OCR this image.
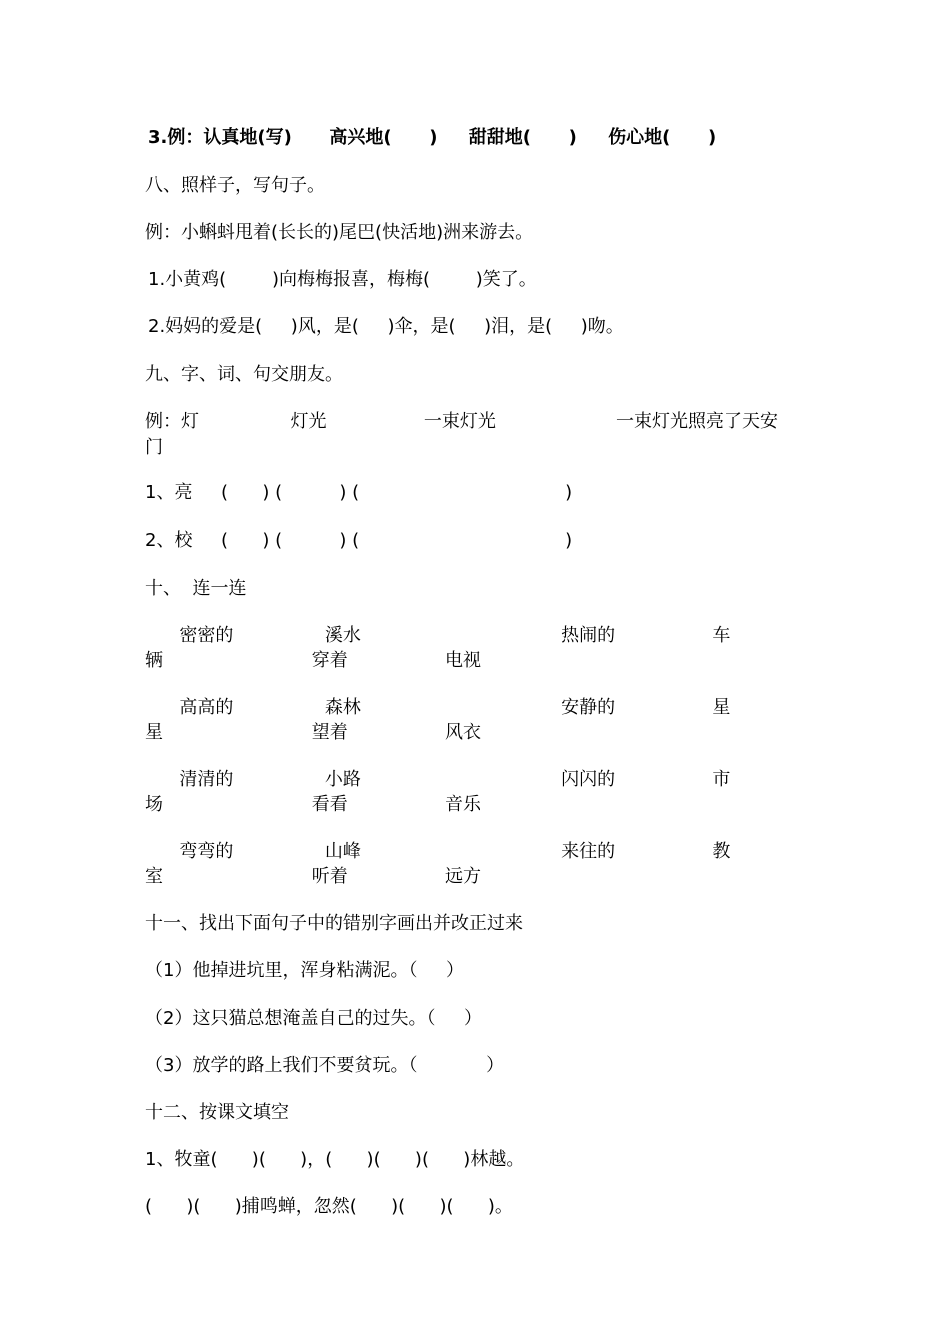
3.例：认真地(写)      高兴地(      )     甜甜地(      )     伤心地(      )

八、照样子，写句子。

例：小蝌蚪甩着(长长的)尾巴(快活地)洲来游去。

1.小黄鸡(        )向梅梅报喜，梅梅(        )笑了。

2.妈妈的爱是(     )风，是(     )伞，是(     )泪，是(     )吻。

九、字、词、句交朋友。

例：灯                灯光                 一束灯光                     一束灯光照亮了天安

门

1、亮     (      ) (          ) (                                    )

2、校     (      ) (          ) (                                    )

十、  连一连

密密的                溪水                                   热闹的                 车

辆                          穿着                 电视

高高的                森林                                   安静的                 星

星                          望着                 风衣

清清的                小路                                   闪闪的                 市

场                          看看                 音乐

弯弯的                山峰                                   来往的                 教

室                          听着                 远方

十一、找出下面句子中的错别字画出并改正过来

（1）他掉进坑里，浑身粘满泥。（     ）

（2）这只猫总想淹盖自己的过失。（     ）

（3）放学的路上我们不要贫玩。（            ）

十二、按课文填空

1、牧童(      )(      )，(      )(      )(      )林越。

(      )(      )捕鸣蝉，忽然(      )(      )(      )。
